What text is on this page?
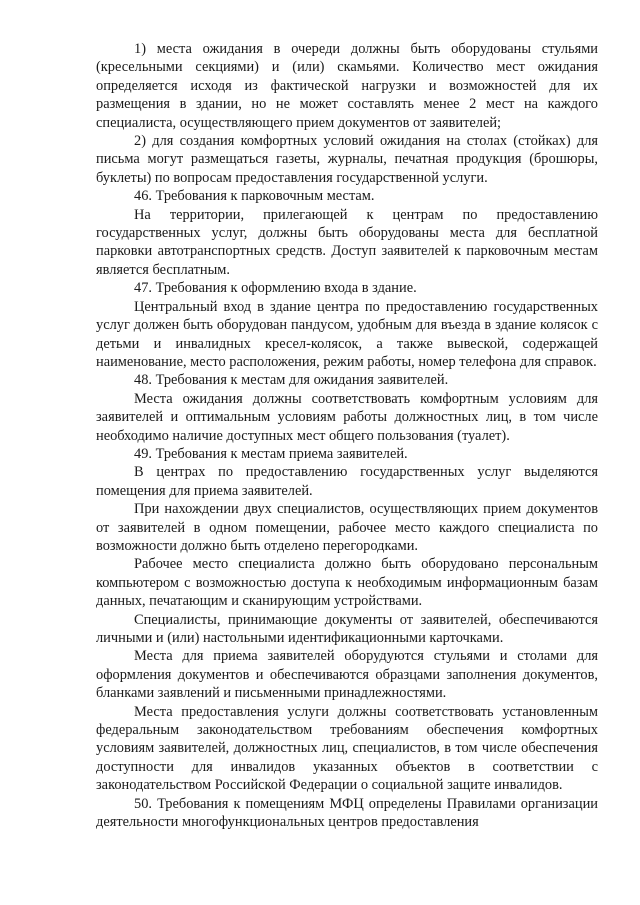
1) места ожидания в очереди должны быть оборудованы стульями (кресельными секциями) и (или) скамьями. Количество мест ожидания определяется исходя из фактической нагрузки и возможностей для их размещения в здании, но не может составлять менее 2 мест на каждого специалиста, осуществляющего прием документов от заявителей;

2) для создания комфортных условий ожидания на столах (стойках) для письма могут размещаться газеты, журналы, печатная продукция (брошюры, буклеты) по вопросам предоставления государственной услуги.

46. Требования к парковочным местам.

На территории, прилегающей к центрам по предоставлению государственных услуг, должны быть оборудованы места для бесплатной парковки автотранспортных средств. Доступ заявителей к парковочным местам является бесплатным.

47. Требования к оформлению входа в здание.

Центральный вход в здание центра по предоставлению государственных услуг должен быть оборудован пандусом, удобным для въезда в здание колясок с детьми и инвалидных кресел-колясок, а также вывеской, содержащей наименование, место расположения, режим работы, номер телефона для справок.

48. Требования к местам для ожидания заявителей.

Места ожидания должны соответствовать комфортным условиям для заявителей и оптимальным условиям работы должностных лиц, в том числе необходимо наличие доступных мест общего пользования (туалет).

49. Требования к местам приема заявителей.

В центрах по предоставлению государственных услуг выделяются помещения для приема заявителей.

При нахождении двух специалистов, осуществляющих прием документов от заявителей в одном помещении, рабочее место каждого специалиста по возможности должно быть отделено перегородками.

Рабочее место специалиста должно быть оборудовано персональным компьютером с возможностью доступа к необходимым информационным базам данных, печатающим и сканирующим устройствами.

Специалисты, принимающие документы от заявителей, обеспечиваются личными и (или) настольными идентификационными карточками.

Места для приема заявителей оборудуются стульями и столами для оформления документов и обеспечиваются образцами заполнения документов, бланками заявлений и письменными принадлежностями.

Места предоставления услуги должны соответствовать установленным федеральным законодательством требованиям обеспечения комфортных условиям заявителей, должностных лиц, специалистов, в том числе обеспечения доступности для инвалидов указанных объектов в соответствии с законодательством Российской Федерации о социальной защите инвалидов.

50. Требования к помещениям МФЦ определены Правилами организации деятельности многофункциональных центров предоставления
